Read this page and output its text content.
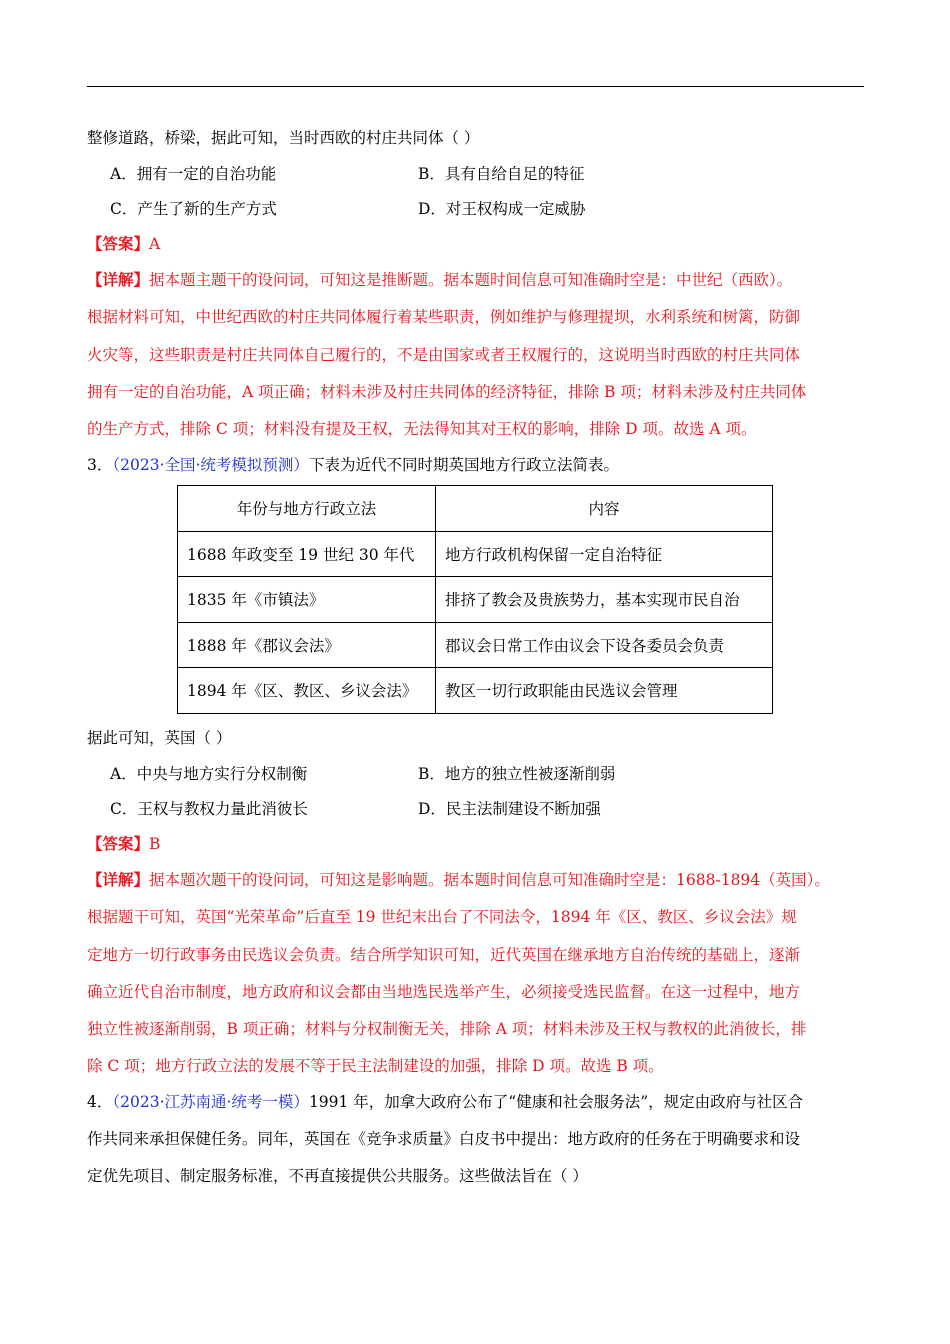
整修道路，桥梁，据此可知，当时西欧的村庄共同体（ ）
A．拥有一定的自治功能	B．具有自给自足的特征
C．产生了新的生产方式	D．对王权构成一定威胁
【答案】A
【详解】据本题主题干的设问词，可知这是推断题。据本题时间信息可知准确时空是：中世纪（西欧）。
根据材料可知，中世纪西欧的村庄共同体履行着某些职责，例如维护与修理提坝，水利系统和树篱，防御
火灾等，这些职责是村庄共同体自己履行的，不是由国家或者王权履行的，这说明当时西欧的村庄共同体
拥有一定的自治功能，A 项正确；材料未涉及村庄共同体的经济特征，排除 B 项；材料未涉及村庄共同体
的生产方式，排除 C 项；材料没有提及王权，无法得知其对王权的影响，排除 D 项。故选 A 项。
3．（2023·全国·统考模拟预测）下表为近代不同时期英国地方行政立法简表。
年份与地方行政立法	内容
1688 年政变至 19 世纪 30 年代	地方行政机构保留一定自治特征
1835 年《市镇法》	排挤了教会及贵族势力，基本实现市民自治
1888 年《郡议会法》	郡议会日常工作由议会下设各委员会负责
1894 年《区、教区、乡议会法》	教区一切行政职能由民选议会管理
据此可知，英国（ ）
A．中央与地方实行分权制衡	B．地方的独立性被逐渐削弱
C．王权与教权力量此消彼长	D．民主法制建设不断加强
【答案】B
【详解】据本题次题干的设问词，可知这是影响题。据本题时间信息可知准确时空是：1688-1894（英国）。
根据题干可知，英国“光荣革命”后直至 19 世纪末出台了不同法令，1894 年《区、教区、乡议会法》规
定地方一切行政事务由民选议会负责。结合所学知识可知，近代英国在继承地方自治传统的基础上，逐渐
确立近代自治市制度，地方政府和议会都由当地选民选举产生，必须接受选民监督。在这一过程中，地方
独立性被逐渐削弱，B 项正确；材料与分权制衡无关，排除 A 项；材料未涉及王权与教权的此消彼长，排
除 C 项；地方行政立法的发展不等于民主法制建设的加强，排除 D 项。故选 B 项。
4．（2023·江苏南通·统考一模）1991 年，加拿大政府公布了“健康和社会服务法”，规定由政府与社区合
作共同来承担保健任务。同年，英国在《竞争求质量》白皮书中提出：地方政府的任务在于明确要求和设
定优先项目、制定服务标准，不再直接提供公共服务。这些做法旨在（ ）
